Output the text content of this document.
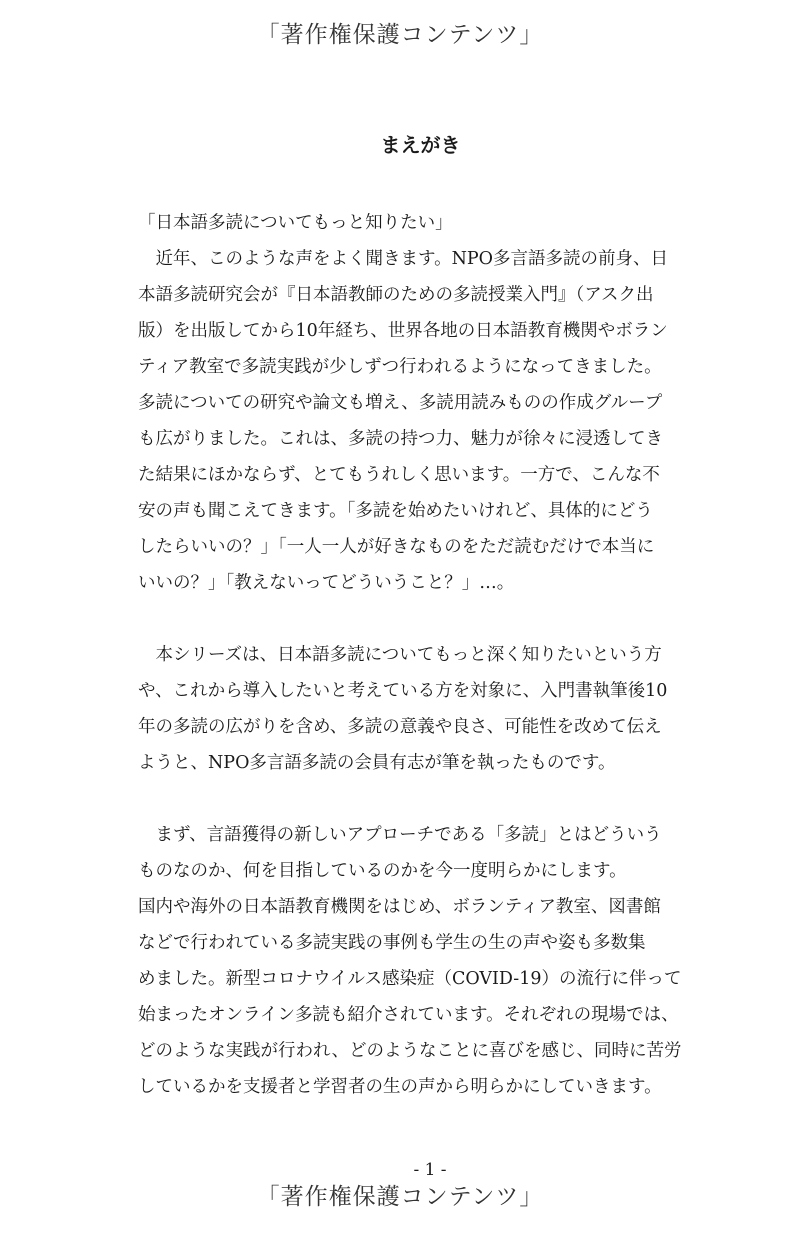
「著作権保護コンテンツ」
まえがき
「日本語多読についてもっと知りたい」
　近年、このような声をよく聞きます。NPO多言語多読の前身、日
本語多読研究会が『日本語教師のための多読授業入門』（アスク出
版）を出版してから10年経ち、世界各地の日本語教育機関やボラン
ティア教室で多読実践が少しずつ行われるようになってきました。
多読についての研究や論文も増え、多読用読みものの作成グループ
も広がりました。これは、多読の持つ力、魅力が徐々に浸透してき
た結果にほかならず、とてもうれしく思います。一方で、こんな不
安の声も聞こえてきます。「多読を始めたいけれど、具体的にどう
したらいいの？」「一人一人が好きなものをただ読むだけで本当に
いいの？」「教えないってどういうこと？」…。
　本シリーズは、日本語多読についてもっと深く知りたいという方
や、これから導入したいと考えている方を対象に、入門書執筆後10
年の多読の広がりを含め、多読の意義や良さ、可能性を改めて伝え
ようと、NPO多言語多読の会員有志が筆を執ったものです。
　まず、言語獲得の新しいアプローチである「多読」とはどういう
ものなのか、何を目指しているのかを今一度明らかにします。
国内や海外の日本語教育機関をはじめ、ボランティア教室、図書館
などで行われている多読実践の事例も学生の生の声や姿も多数集
めました。新型コロナウイルス感染症（COVID-19）の流行に伴って
始まったオンライン多読も紹介されています。それぞれの現場では、
どのような実践が行われ、どのようなことに喜びを感じ、同時に苦労
しているかを支援者と学習者の生の声から明らかにしていきます。
- 1 -
「著作権保護コンテンツ」
